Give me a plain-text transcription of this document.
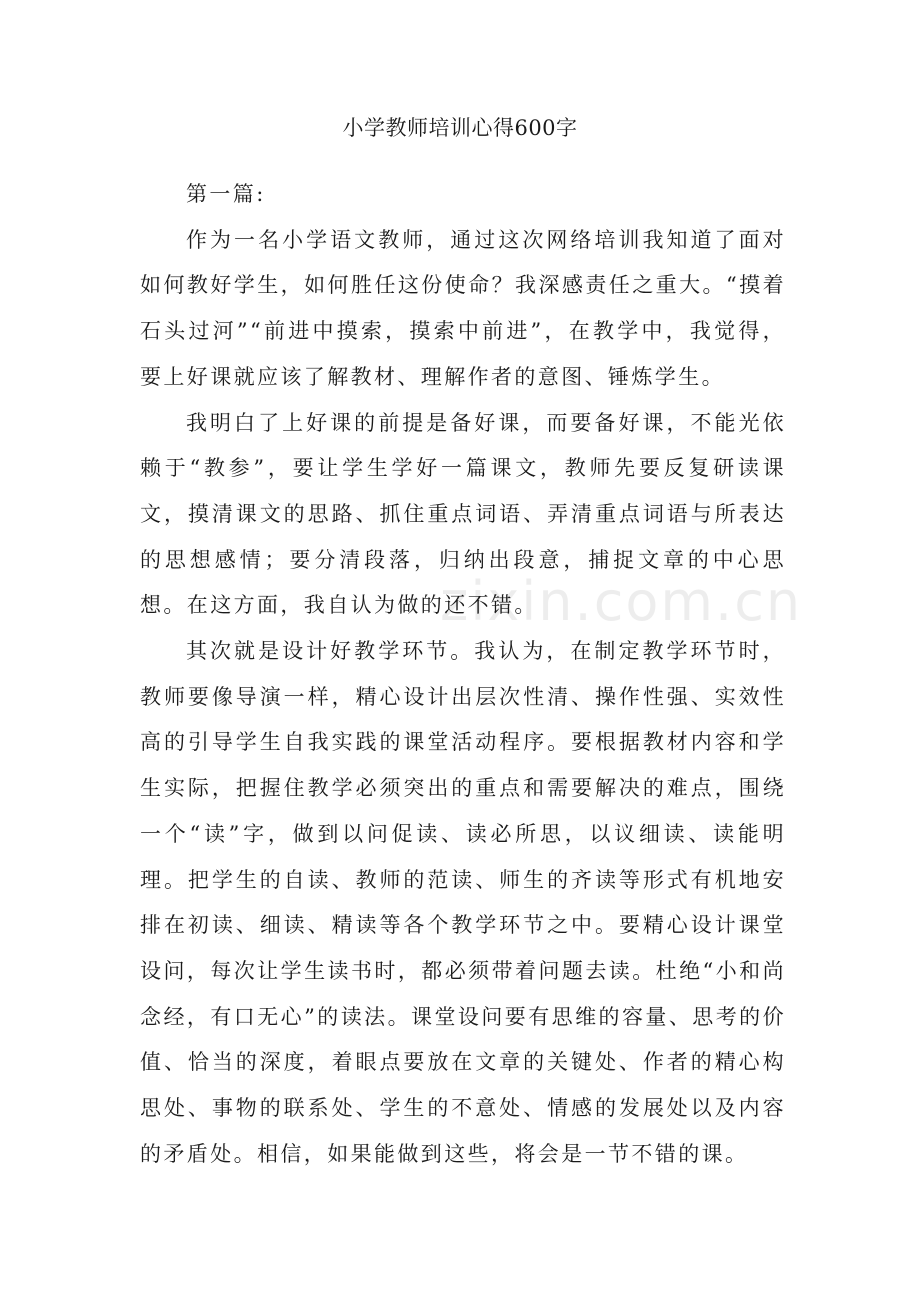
小学教师培训心得600字

第一篇:

作为一名小学语文教师，通过这次网络培训我知道了面对如何教好学生，如何胜任这份使命？我深感责任之重大。“摸着石头过河”“前进中摸索，摸索中前进”，在教学中，我觉得，要上好课就应该了解教材、理解作者的意图、锤炼学生。

我明白了上好课的前提是备好课，而要备好课，不能光依赖于“教参”，要让学生学好一篇课文，教师先要反复研读课文，摸清课文的思路、抓住重点词语、弄清重点词语与所表达的思想感情；要分清段落，归纳出段意，捕捉文章的中心思想。在这方面，我自认为做的还不错。

其次就是设计好教学环节。我认为，在制定教学环节时，教师要像导演一样，精心设计出层次性清、操作性强、实效性高的引导学生自我实践的课堂活动程序。要根据教材内容和学生实际，把握住教学必须突出的重点和需要解决的难点，围绕一个“读”字，做到以问促读、读必所思，以议细读、读能明理。把学生的自读、教师的范读、师生的齐读等形式有机地安排在初读、细读、精读等各个教学环节之中。要精心设计课堂设问，每次让学生读书时，都必须带着问题去读。杜绝“小和尚念经，有口无心”的读法。课堂设问要有思维的容量、思考的价值、恰当的深度，着眼点要放在文章的关键处、作者的精心构思处、事物的联系处、学生的不意处、情感的发展处以及内容的矛盾处。相信，如果能做到这些，将会是一节不错的课。

zixin.com.cn
